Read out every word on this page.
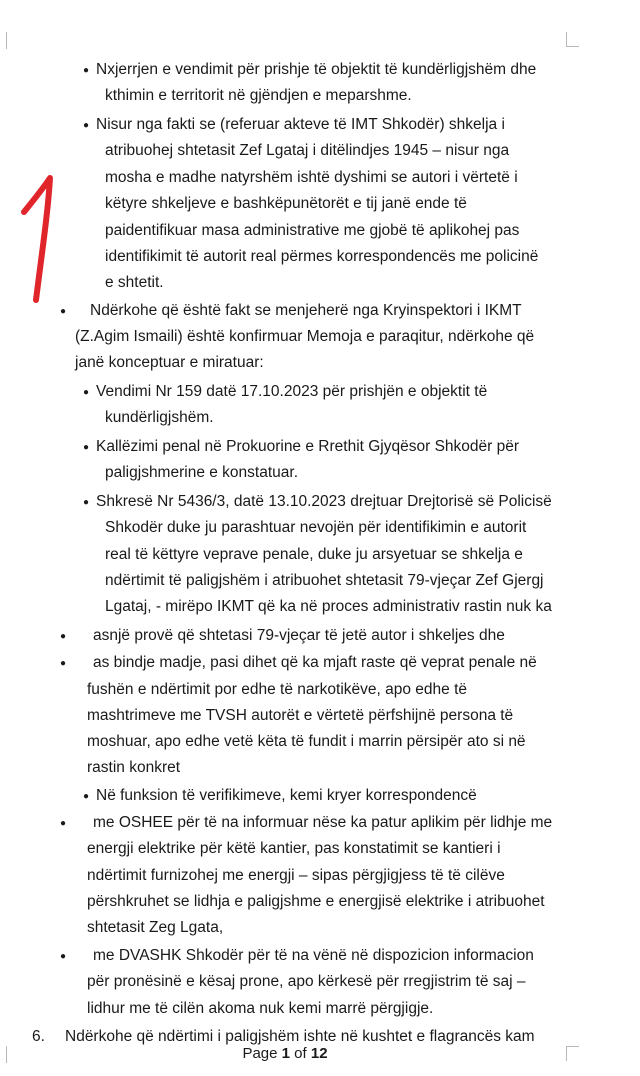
● Nxjerrjen e vendimit për prishje të objektit të kundërligjshëm dhe
kthimin e territorit në gjëndjen e meparshme.
● Nisur nga fakti se (referuar akteve të IMT Shkodër) shkelja i
atribuohej shtetasit Zef Lgataj i ditëlindjes 1945 – nisur nga
mosha e madhe natyrshëm ishtë dyshimi se autori i vërtetë i
këtyre shkeljeve e bashkëpunëtorët e tij janë ende të
paidentifikuar masa administrative me gjobë të aplikohej pas
identifikimit të autorit real përmes korrespondencës me policinë
e shtetit.
● Ndërkohe që është fakt se menjeherë nga Kryinspektori i IKMT
(Z.Agim Ismaili) është konfirmuar Memoja e paraqitur, ndërkohe që
janë konceptuar e miratuar:
● Vendimi Nr 159 datë 17.10.2023 për prishjën e objektit të
kundërligjshëm.
● Kallëzimi penal në Prokuorine e Rrethit Gjyqësor Shkodër për
paligjshmerine e konstatuar.
● Shkresë Nr 5436/3, datë 13.10.2023 drejtuar Drejtorisë së Policisë
Shkodër duke ju parashtuar nevojën për identifikimin e autorit
real të këttyre veprave penale, duke ju arsyetuar se shkelja e
ndërtimit të paligjshëm i atribuohet shtetasit 79-vjeçar Zef Gjergj
Lgataj, - mirëpo IKMT që ka në proces administrativ rastin nuk ka
● asnjë provë që shtetasi 79-vjeçar të jetë autor i shkeljes dhe
● as bindje madje, pasi dihet që ka mjaft raste që veprat penale në
fushën e ndërtimit por edhe të narkotikëve, apo edhe të
mashtrimeve me TVSH autorët e vërtetë përfshijnë persona të
moshuar, apo edhe vetë këta të fundit i marrin përsipër ato si në
rastin konkret
● Në funksion të verifikimeve, kemi kryer korrespondencë
● me OSHEE për të na informuar nëse ka patur aplikim për lidhje me
energji elektrike për këtë kantier, pas konstatimit se kantieri i
ndërtimit furnizohej me energji – sipas përgjigjess të të cilëve
përshkruhet se lidhja e paligjshme e energjisë elektrike i atribuohet
shtetasit Zeg Lgata,
● me DVASHK Shkodër për të na vënë në dispozicion informacion
për pronësinë e kësaj prone, apo kërkesë për rregjistrim të saj –
lidhur me të cilën akoma nuk kemi marrë përgjigje.
6. Ndërkohe që ndërtimi i paligjshëm ishte në kushtet e flagrancës kam
Page 1 of 12
